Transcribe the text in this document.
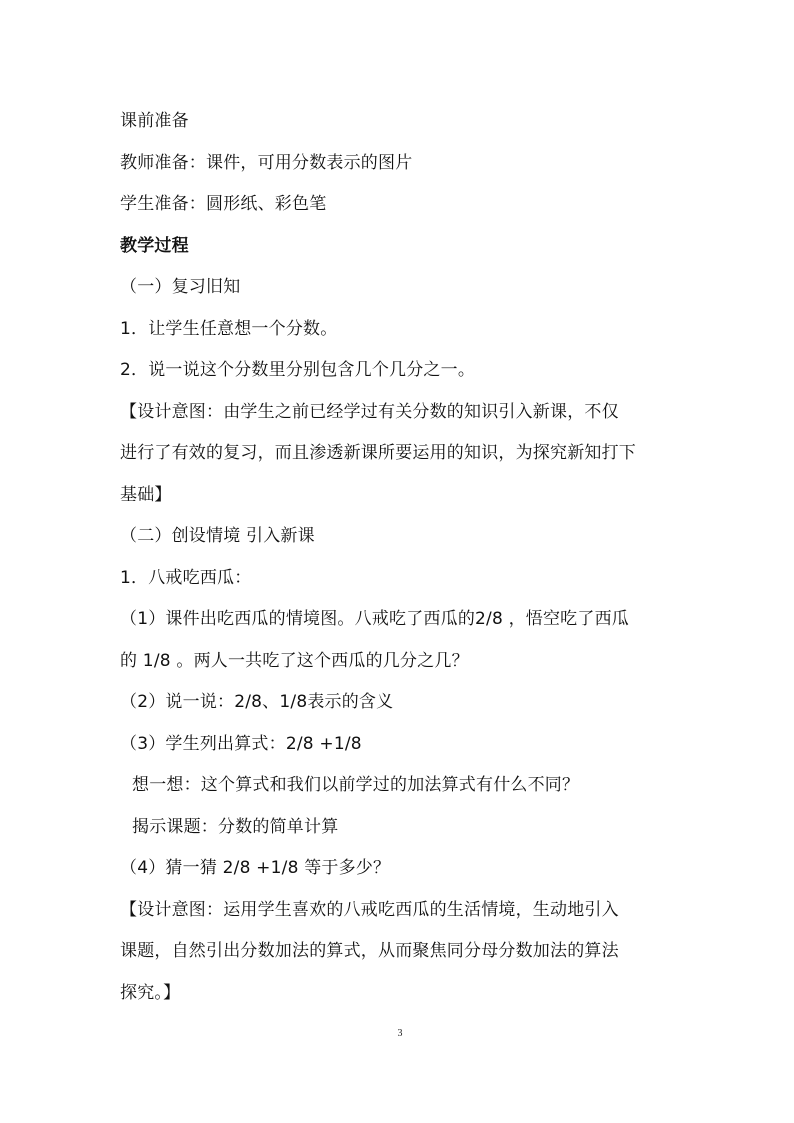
课前准备
教师准备：课件，可用分数表示的图片
学生准备：圆形纸、彩色笔
教学过程
（一）复习旧知
1．让学生任意想一个分数。
2．说一说这个分数里分别包含几个几分之一。
【设计意图：由学生之前已经学过有关分数的知识引入新课，不仅
进行了有效的复习，而且渗透新课所要运用的知识，为探究新知打下
基础】
（二）创设情境 引入新课
1．八戒吃西瓜：
（1）课件出吃西瓜的情境图。八戒吃了西瓜的2/8 ，悟空吃了西瓜
的 1/8 。两人一共吃了这个西瓜的几分之几？
（2）说一说：2/8、1/8表示的含义
（3）学生列出算式：2/8 +1/8
想一想：这个算式和我们以前学过的加法算式有什么不同？
揭示课题：分数的简单计算
（4）猜一猜 2/8 +1/8 等于多少？
【设计意图：运用学生喜欢的八戒吃西瓜的生活情境，生动地引入
课题，自然引出分数加法的算式，从而聚焦同分母分数加法的算法
探究。】
3
